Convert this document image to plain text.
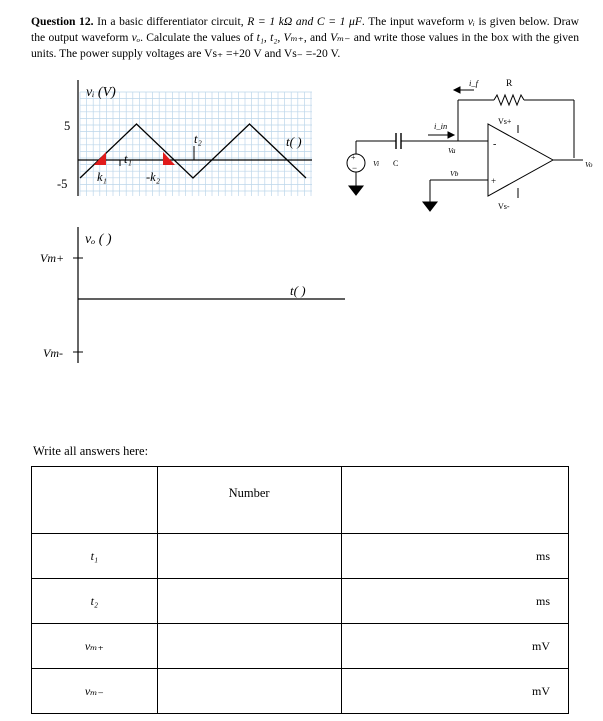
Question 12. In a basic differentiator circuit, R = 1 kΩ and C = 1 μF. The input waveform vᵢ is given below. Draw the output waveform vₒ. Calculate the values of t₁, t₂, Vₘ₊, and Vₘ₋ and write those values in the box with the given units. The power supply voltages are Vs₊ =+20 V and Vs₋ =-20 V.
vᵢ (V)
5
-5
t₁
t₂
k₁	-k₂
t( )
vₒ ( )
Vm+
Vm-
t( )
+
−
i_f	R
Vs+
Vs-
i_in
Va
Vb
Vi C	Vo
-
+
Write all answers here:
	Number	
t₁		ms
t₂		ms
vₘ₊		mV
vₘ₋		mV
